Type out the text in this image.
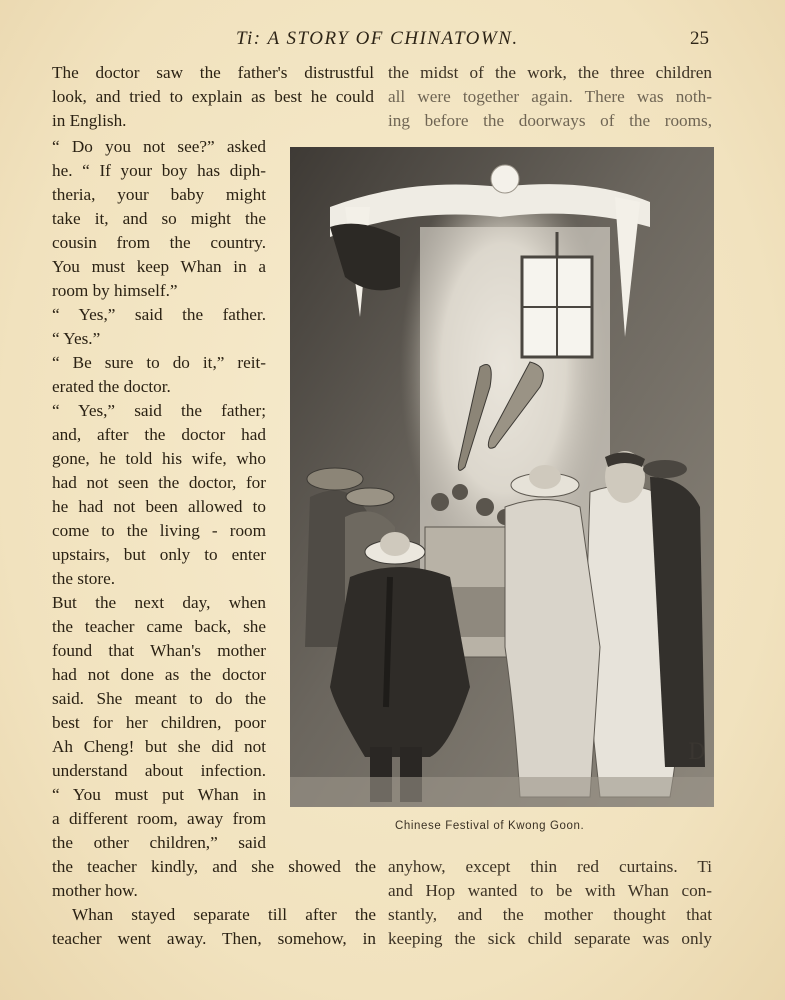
Ti: A STORY OF CHINATOWN.	25
The doctor saw the father's distrustful
look, and tried to explain as best he could
in English.
the midst of the work, the three children
all were together again. There was noth-
ing before the doorways of the rooms,
“ Do you not see?” asked
he. “ If your boy has diph-
theria, your baby might
take it, and so might the
cousin from the country.
You must keep Whan in a
room by himself.”
“ Yes,” said the father.
“ Yes.”
“ Be sure to do it,” reit-
erated the doctor.
“ Yes,” said the father;
and, after the doctor had
gone, he told his wife, who
had not seen the doctor, for
he had not been allowed to
come to the living - room
upstairs, but only to enter
the store.
But the next day, when
the teacher came back, she
found that Whan's mother
had not done as the doctor
said. She meant to do the
best for her children, poor
Ah Cheng! but she did not
understand about infection.
“ You must put Whan in
a different room, away from
the other children,” said
D
Chinese Festival of Kwong Goon.
the teacher kindly, and she showed the
mother how.
Whan stayed separate till after the
teacher went away. Then, somehow, in
anyhow, except thin red curtains. Ti
and Hop wanted to be with Whan con-
stantly, and the mother thought that
keeping the sick child separate was only
